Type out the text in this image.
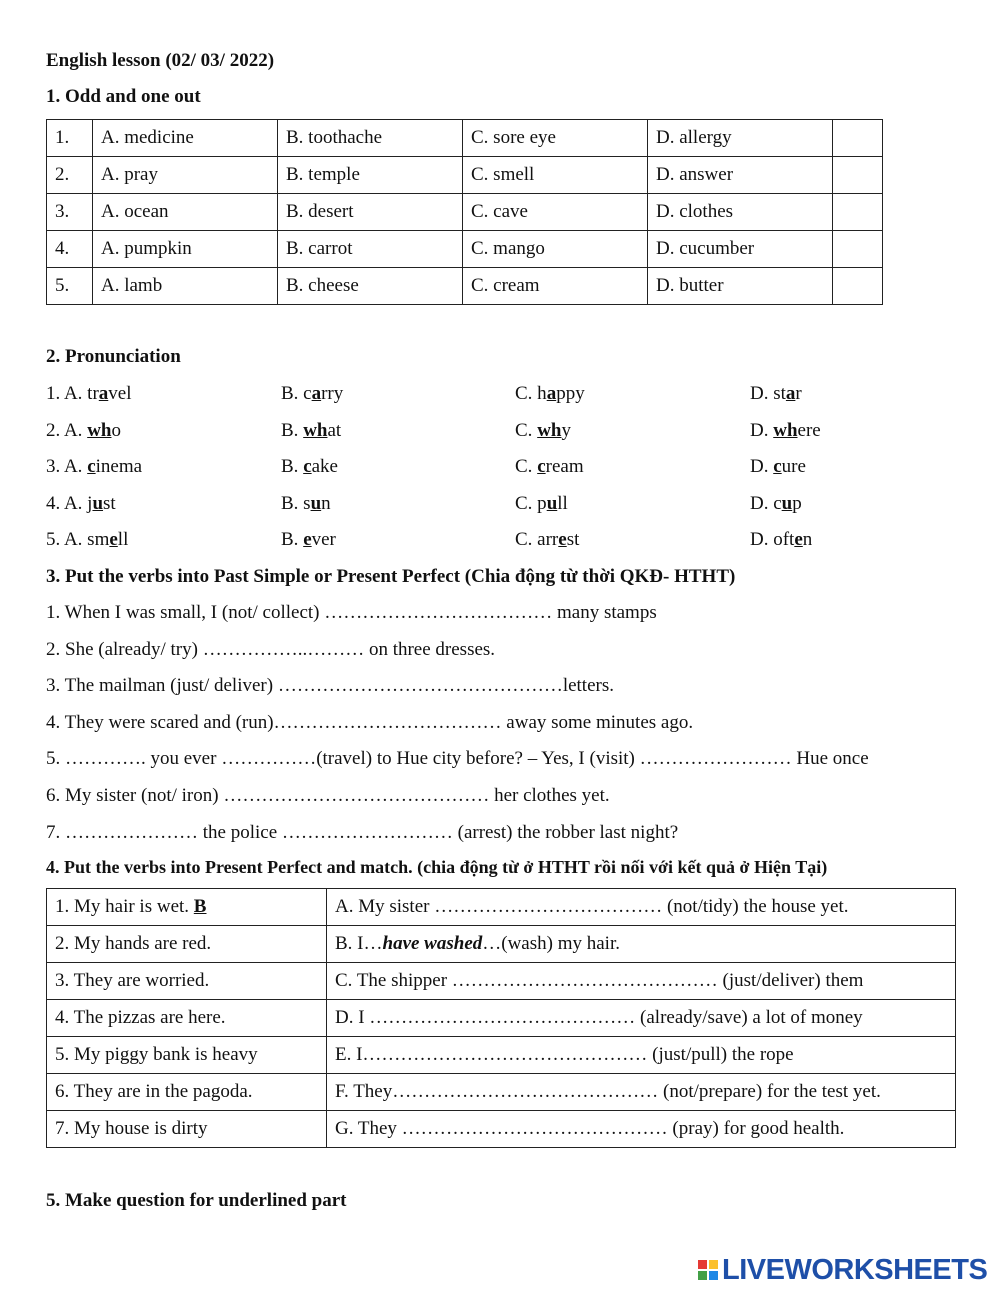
English lesson (02/ 03/ 2022)
1. Odd and one out
1.	A. medicine	B. toothache	C. sore eye	D. allergy	
2.	A. pray	B. temple	C. smell	D. answer	
3.	A. ocean	B. desert	C. cave	D. clothes	
4.	A. pumpkin	B. carrot	C. mango	D. cucumber	
5.	A. lamb	B. cheese	C. cream	D. butter	
2. Pronunciation
1. A. travel	B. carry	C. happy	D. star
2. A. who	B. what	C. why	D. where
3. A. cinema	B. cake	C. cream	D. cure
4. A. just	B. sun	C. pull	D. cup
5. A. smell	B. ever	C. arrest	D. often
3. Put the verbs into Past Simple or Present Perfect (Chia động từ thời QKĐ- HTHT)
1. When I was small, I (not/ collect) ……………………………… many stamps
2. She (already/ try) ……………..……… on three dresses.
3. The mailman (just/ deliver) ………………………………………letters.
4. They were scared and (run)……………………………… away some minutes ago.
5. …………. you ever ……………(travel) to Hue city before? – Yes, I (visit) …………………… Hue once
6. My sister (not/ iron) …………………………………… her clothes yet.
7. ………………… the police ……………………… (arrest) the robber last night?
4. Put the verbs into Present Perfect and match. (chia động từ ở HTHT rồi nối với kết quả ở Hiện Tại)
1. My hair is wet. B	A. My sister ……………………………… (not/tidy) the house yet.
2. My hands are red.	B. I…have washed…(wash) my hair.
3. They are worried.	C. The shipper …………………………………… (just/deliver) them
4. The pizzas are here.	D. I …………………………………… (already/save) a lot of money
5. My piggy bank is heavy	E. I……………………………………… (just/pull) the rope
6. They are in the pagoda.	F. They…………………………………… (not/prepare) for the test yet.
7. My house is dirty	G. They …………………………………… (pray) for good health.
5. Make question for underlined part
LIVEWORKSHEETS
